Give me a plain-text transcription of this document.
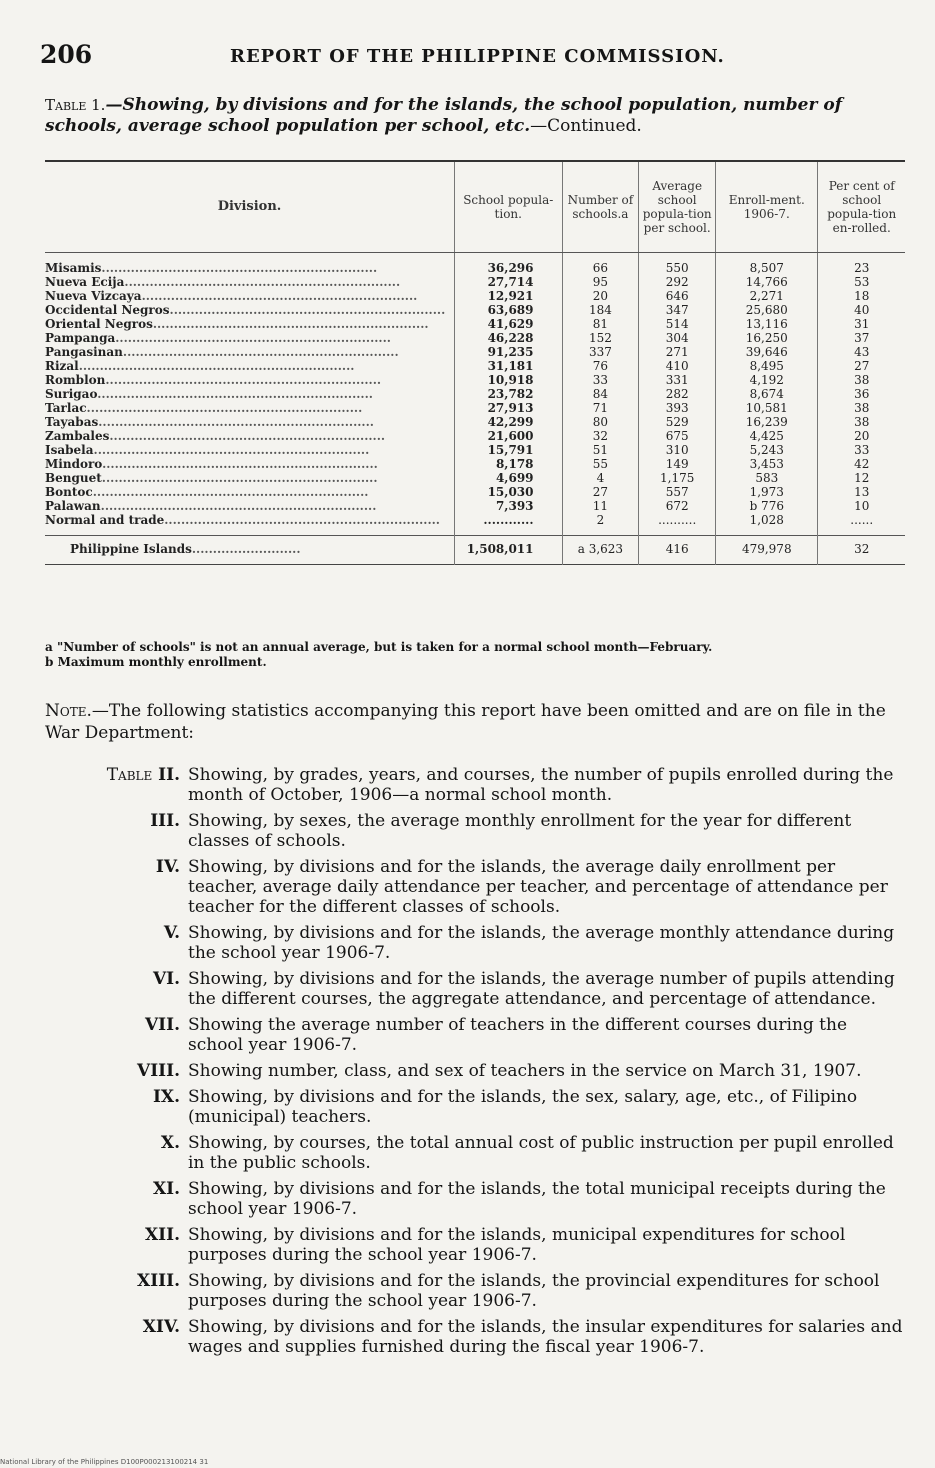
206	REPORT OF THE PHILIPPINE COMMISSION.
Table 1.—Showing, by divisions and for the islands, the school population, number of schools, average school population per school, etc.—Continued.
Division.	School popula-tion.	Number of schools.a	Average school popula-tion per school.	Enroll-ment. 1906-7.	Per cent of school popula-tion en-rolled.
Misamis..................................................................	36,296	66	550	8,507	23
Nueva Ecija..................................................................	27,714	95	292	14,766	53
Nueva Vizcaya..................................................................	12,921	20	646	2,271	18
Occidental Negros..................................................................	63,689	184	347	25,680	40
Oriental Negros..................................................................	41,629	81	514	13,116	31
Pampanga..................................................................	46,228	152	304	16,250	37
Pangasinan..................................................................	91,235	337	271	39,646	43
Rizal..................................................................	31,181	76	410	8,495	27
Romblon..................................................................	10,918	33	331	4,192	38
Surigao..................................................................	23,782	84	282	8,674	36
Tarlac..................................................................	27,913	71	393	10,581	38
Tayabas..................................................................	42,299	80	529	16,239	38
Zambales..................................................................	21,600	32	675	4,425	20
Isabela..................................................................	15,791	51	310	5,243	33
Mindoro..................................................................	8,178	55	149	3,453	42
Benguet..................................................................	4,699	4	1,175	583	12
Bontoc..................................................................	15,030	27	557	1,973	13
Palawan..................................................................	7,393	11	672	b 776	10
Normal and trade..................................................................	............	2	..........	1,028	......
Philippine Islands..........................	1,508,011	a 3,623	416	479,978	32
a "Number of schools" is not an annual average, but is taken for a normal school month—February.
b Maximum monthly enrollment.
Note.—The following statistics accompanying this report have been omitted and are on file in the War Department:
Table II. Showing, by grades, years, and courses, the number of pupils enrolled during the month of October, 1906—a normal school month.
III. Showing, by sexes, the average monthly enrollment for the year for different classes of schools.
IV. Showing, by divisions and for the islands, the average daily enrollment per teacher, average daily attendance per teacher, and percentage of attendance per teacher for the different classes of schools.
V. Showing, by divisions and for the islands, the average monthly attendance during the school year 1906-7.
VI. Showing, by divisions and for the islands, the average number of pupils attending the different courses, the aggregate attendance, and percentage of attendance.
VII. Showing the average number of teachers in the different courses during the school year 1906-7.
VIII. Showing number, class, and sex of teachers in the service on March 31, 1907.
IX. Showing, by divisions and for the islands, the sex, salary, age, etc., of Filipino (municipal) teachers.
X. Showing, by courses, the total annual cost of public instruction per pupil enrolled in the public schools.
XI. Showing, by divisions and for the islands, the total municipal receipts during the school year 1906-7.
XII. Showing, by divisions and for the islands, municipal expenditures for school purposes during the school year 1906-7.
XIII. Showing, by divisions and for the islands, the provincial expenditures for school purposes during the school year 1906-7.
XIV. Showing, by divisions and for the islands, the insular expenditures for salaries and wages and supplies furnished during the fiscal year 1906-7.
National Library of the Philippines D100P000213100214 31
